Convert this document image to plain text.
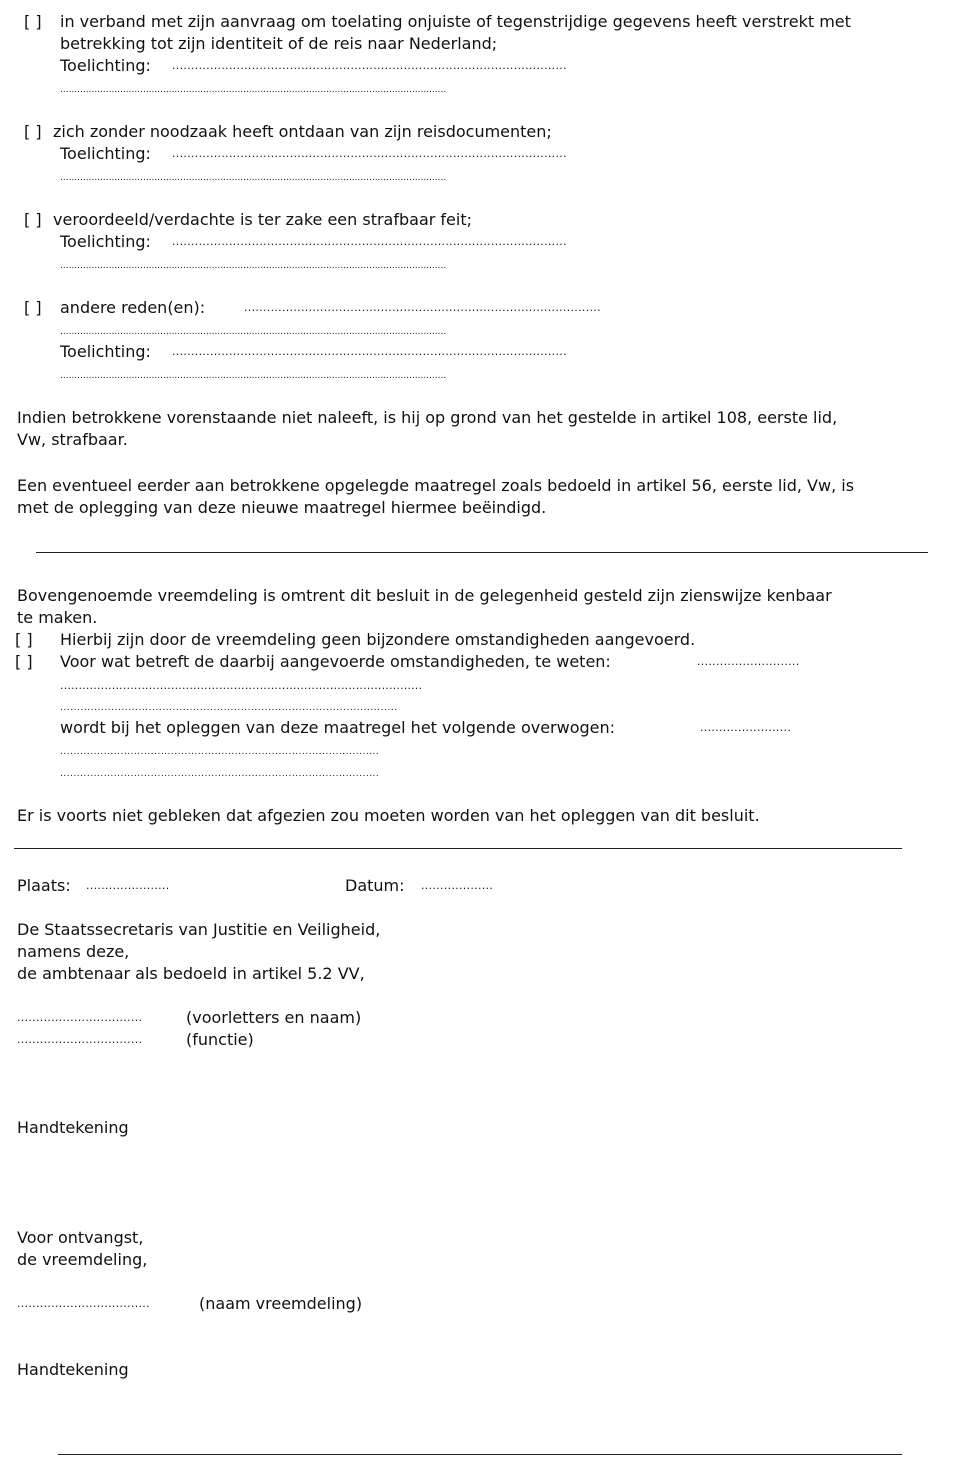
[ ] in verband met zijn aanvraag om toelating onjuiste of tegenstrijdige gegevens heeft verstrekt met
betrekking tot zijn identiteit of de reis naar Nederland;
Toelichting: ........................................................................................................
.......................................................................................................................................
[ ] zich zonder noodzaak heeft ontdaan van zijn reisdocumenten;
Toelichting: ........................................................................................................
.......................................................................................................................................
[ ] veroordeeld/verdachte is ter zake een strafbaar feit;
Toelichting: ........................................................................................................
.......................................................................................................................................
[ ] andere reden(en):	..............................................................................................
.......................................................................................................................................
Toelichting: ........................................................................................................
.......................................................................................................................................
Indien betrokkene vorenstaande niet naleeft, is hij op grond van het gestelde in artikel 108, eerste lid,
Vw, strafbaar.
Een eventueel eerder aan betrokkene opgelegde maatregel zoals bedoeld in artikel 56, eerste lid, Vw, is
met de oplegging van deze nieuwe maatregel hiermee beëindigd.
Bovengenoemde vreemdeling is omtrent dit besluit in de gelegenheid gesteld zijn zienswijze kenbaar
te maken.
[ ] Hierbij zijn door de vreemdeling geen bijzondere omstandigheden aangevoerd.
[ ] Voor wat betreft de daarbij aangevoerde omstandigheden, te weten:	...........................
..................................................................................................
...................................................................................................
wordt bij het opleggen van deze maatregel het volgende overwogen:	........................
...............................................................................................
...............................................................................................
Er is voorts niet gebleken dat afgezien zou moeten worden van het opleggen van dit besluit.
Plaats: ......................	Datum: ...................
De Staatssecretaris van Justitie en Veiligheid,
namens deze,
de ambtenaar als bedoeld in artikel 5.2 VV,
.................................	(voorletters en naam)
.................................	(functie)
Handtekening
Voor ontvangst,
de vreemdeling,
...................................	(naam vreemdeling)
Handtekening
